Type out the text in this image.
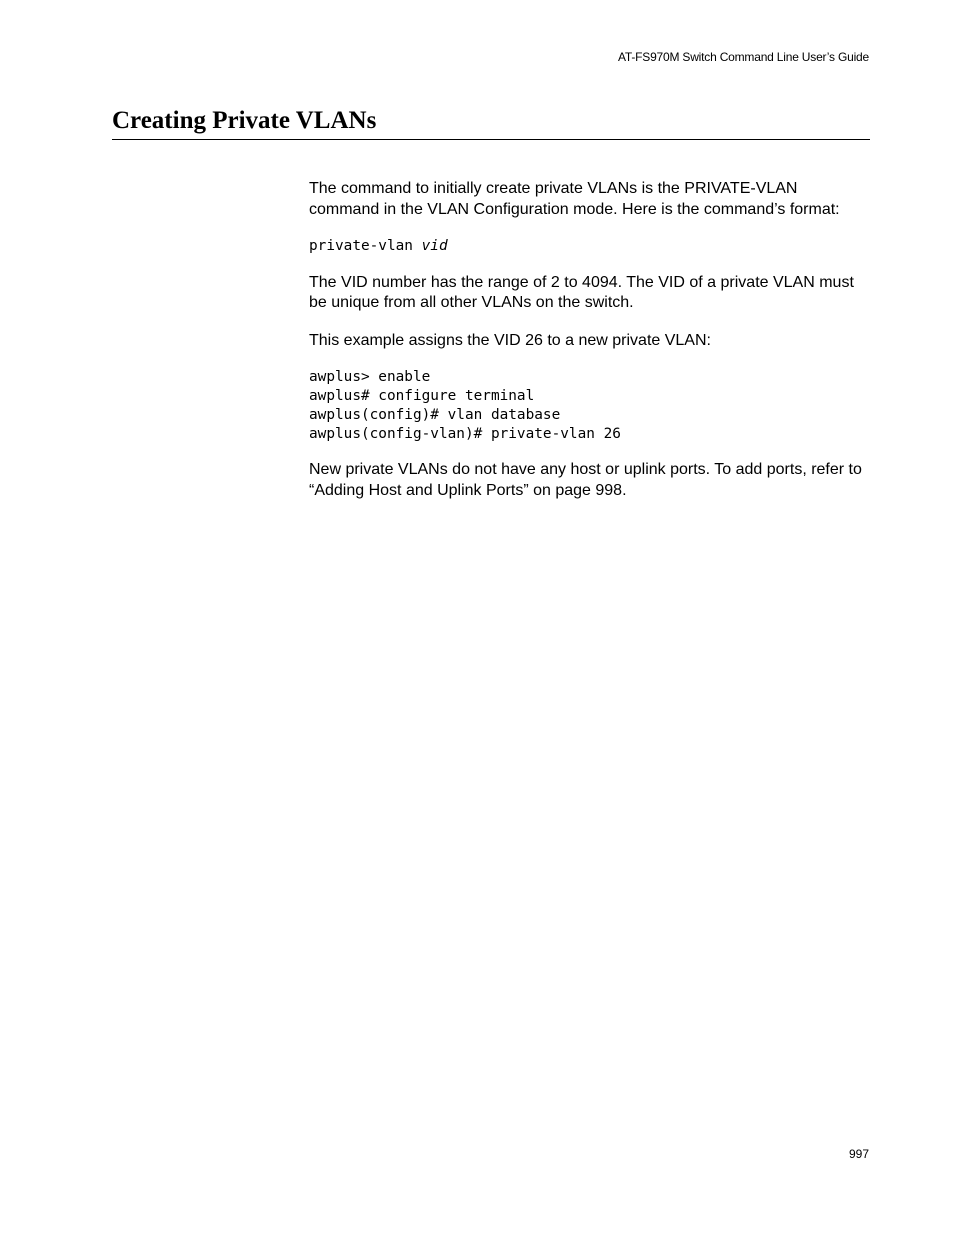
AT-FS970M Switch Command Line User’s Guide
Creating Private VLANs

The command to initially create private VLANs is the PRIVATE-VLAN command in the VLAN Configuration mode. Here is the command’s format:

private-vlan vid

The VID number has the range of 2 to 4094. The VID of a private VLAN must be unique from all other VLANs on the switch.

This example assigns the VID 26 to a new private VLAN:

awplus> enable
awplus# configure terminal
awplus(config)# vlan database
awplus(config-vlan)# private-vlan 26

New private VLANs do not have any host or uplink ports. To add ports, refer to “Adding Host and Uplink Ports” on page 998.

997
